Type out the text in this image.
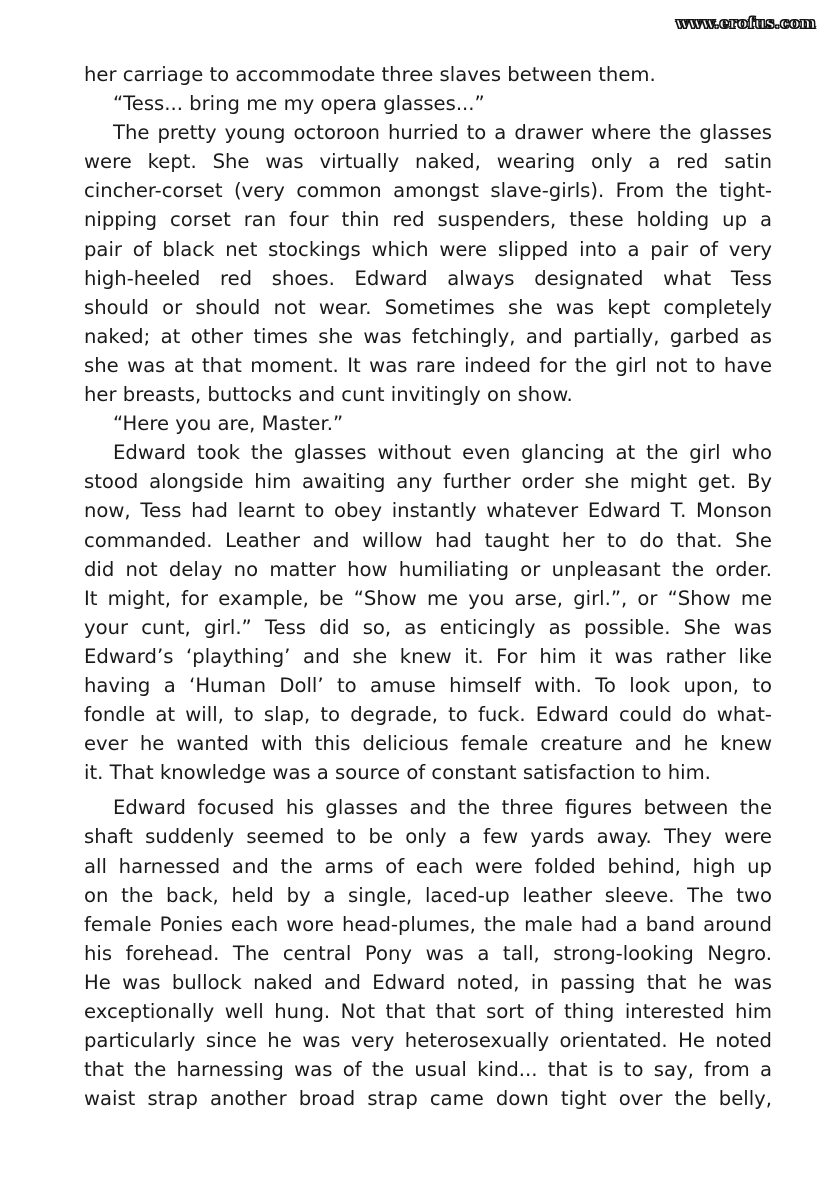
www.erofus.com
her carriage to accommodate three slaves between them.
“Tess... bring me my opera glasses...”
The pretty young octoroon hurried to a drawer where the glasses
were kept. She was virtually naked, wearing only a red satin
cincher-corset (very common amongst slave-girls). From the tight-
nipping corset ran four thin red suspenders, these holding up a
pair of black net stockings which were slipped into a pair of very
high-heeled red shoes. Edward always designated what Tess
should or should not wear. Sometimes she was kept completely
naked; at other times she was fetchingly, and partially, garbed as
she was at that moment. It was rare indeed for the girl not to have
her breasts, buttocks and cunt invitingly on show.
“Here you are, Master.”
Edward took the glasses without even glancing at the girl who
stood alongside him awaiting any further order she might get. By
now, Tess had learnt to obey instantly whatever Edward T. Monson
commanded. Leather and willow had taught her to do that. She
did not delay no matter how humiliating or unpleasant the order.
It might, for example, be “Show me you arse, girl.”, or “Show me
your cunt, girl.” Tess did so, as enticingly as possible. She was
Edward’s ‘plaything’ and she knew it. For him it was rather like
having a ‘Human Doll’ to amuse himself with. To look upon, to
fondle at will, to slap, to degrade, to fuck. Edward could do what-
ever he wanted with this delicious female creature and he knew
it. That knowledge was a source of constant satisfaction to him.
Edward focused his glasses and the three figures between the
shaft suddenly seemed to be only a few yards away. They were
all harnessed and the arms of each were folded behind, high up
on the back, held by a single, laced-up leather sleeve. The two
female Ponies each wore head-plumes, the male had a band around
his forehead. The central Pony was a tall, strong-looking Negro.
He was bullock naked and Edward noted, in passing that he was
exceptionally well hung. Not that that sort of thing interested him
particularly since he was very heterosexually orientated. He noted
that the harnessing was of the usual kind... that is to say, from a
waist strap another broad strap came down tight over the belly,
